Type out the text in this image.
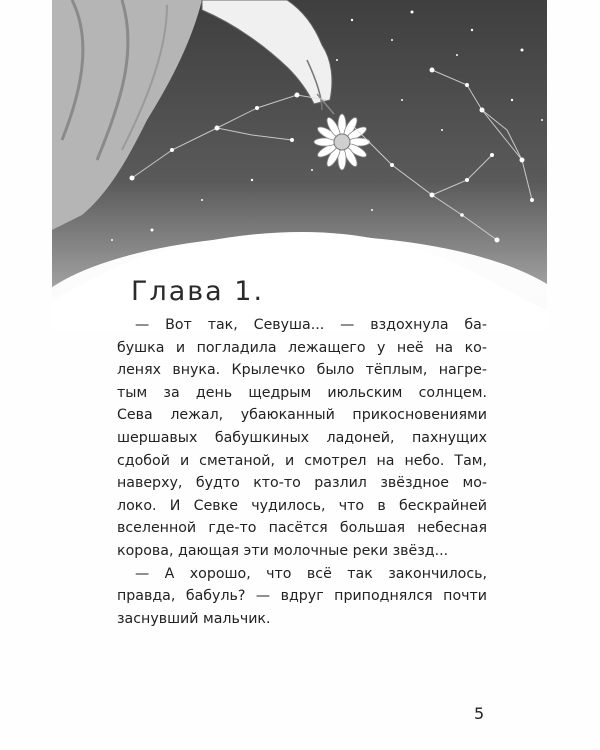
Глава 1.
— Вот так, Севуша... — вздохнула ба-
бушка и погладила лежащего у неё на ко-
ленях внука. Крылечко было тёплым, нагре-
тым за день щедрым июльским солнцем.
Сева лежал, убаюканный прикосновениями
шершавых бабушкиных ладоней, пахнущих
сдобой и сметаной, и смотрел на небо. Там,
наверху, будто кто-то разлил звёздное мо-
локо. И Севке чудилось, что в бескрайней
вселенной где-то пасётся большая небесная
корова, дающая эти молочные реки звёзд...
— А хорошо, что всё так закончилось,
правда, бабуль? — вдруг приподнялся почти
заснувший мальчик.
5
